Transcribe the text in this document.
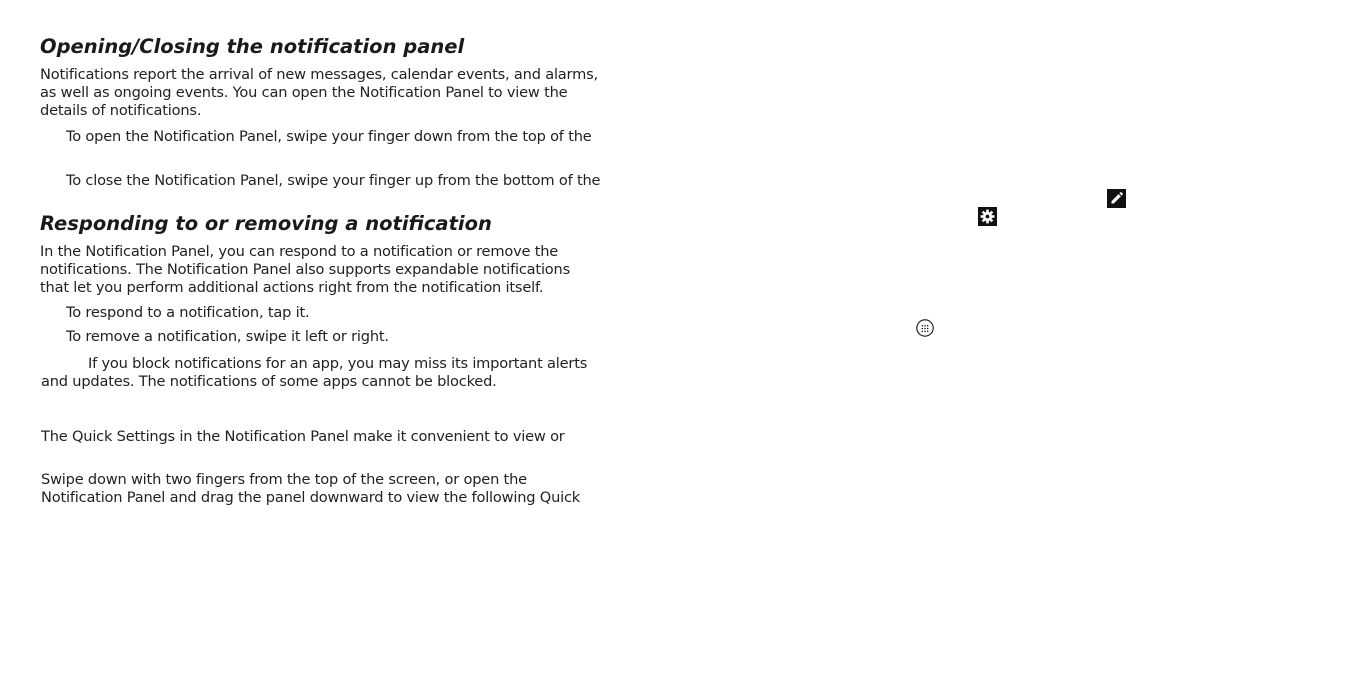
Opening/Closing the notification panel
Notifications report the arrival of new messages, calendar events, and alarms,
as well as ongoing events. You can open the Notification Panel to view the
details of notifications.
To open the Notification Panel, swipe your finger down from the top of the
To close the Notification Panel, swipe your finger up from the bottom of the
Responding to or removing a notification
In the Notification Panel, you can respond to a notification or remove the
notifications. The Notification Panel also supports expandable notifications
that let you perform additional actions right from the notification itself.
To respond to a notification, tap it.
To remove a notification, swipe it left or right.
If you block notifications for an app, you may miss its important alerts
and updates. The notifications of some apps cannot be blocked.
The Quick Settings in the Notification Panel make it convenient to view or
Swipe down with two fingers from the top of the screen, or open the
Notification Panel and drag the panel downward to view the following Quick
